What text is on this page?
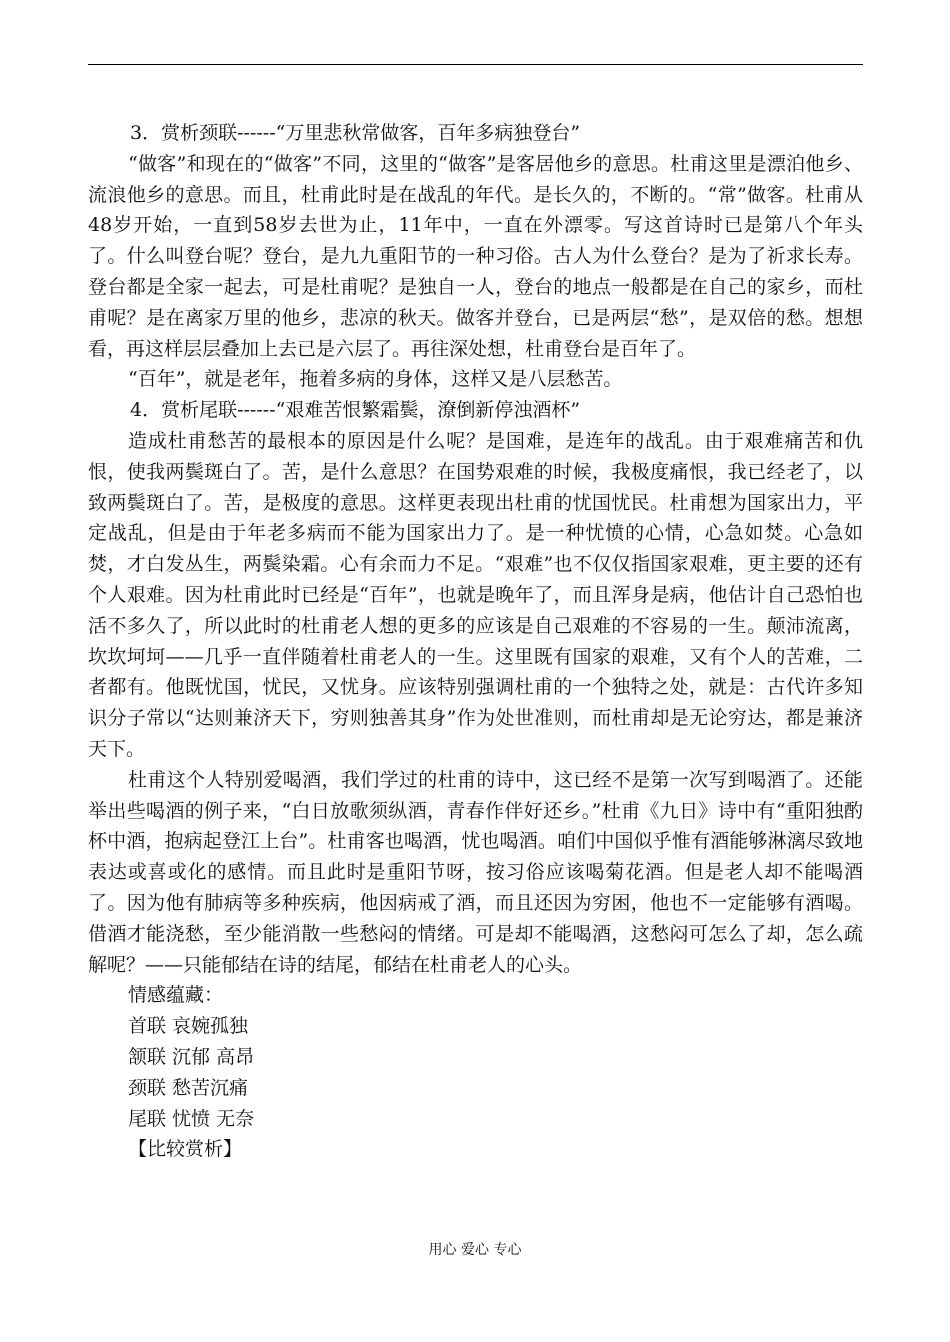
3．赏析颈联------“万里悲秋常做客，百年多病独登台”

“做客”和现在的“做客”不同，这里的“做客”是客居他乡的意思。杜甫这里是漂泊他乡、流浪他乡的意思。而且，杜甫此时是在战乱的年代。是长久的，不断的。“常”做客。杜甫从48岁开始，一直到58岁去世为止，11年中，一直在外漂零。写这首诗时已是第八个年头了。什么叫登台呢？登台，是九九重阳节的一种习俗。古人为什么登台？是为了祈求长寿。登台都是全家一起去，可是杜甫呢？是独自一人，登台的地点一般都是在自己的家乡，而杜甫呢？是在离家万里的他乡，悲凉的秋天。做客并登台，已是两层“愁”，是双倍的愁。想想看，再这样层层叠加上去已是六层了。再往深处想，杜甫登台是百年了。

“百年”，就是老年，拖着多病的身体，这样又是八层愁苦。

4．赏析尾联------“艰难苦恨繁霜鬓，潦倒新停浊酒杯”

造成杜甫愁苦的最根本的原因是什么呢？是国难，是连年的战乱。由于艰难痛苦和仇恨，使我两鬓斑白了。苦，是什么意思？在国势艰难的时候，我极度痛恨，我已经老了，以致两鬓斑白了。苦，是极度的意思。这样更表现出杜甫的忧国忧民。杜甫想为国家出力，平定战乱，但是由于年老多病而不能为国家出力了。是一种忧愤的心情，心急如焚。心急如焚，才白发丛生，两鬓染霜。心有余而力不足。“艰难”也不仅仅指国家艰难，更主要的还有个人艰难。因为杜甫此时已经是“百年”，也就是晚年了，而且浑身是病，他估计自己恐怕也活不多久了，所以此时的杜甫老人想的更多的应该是自己艰难的不容易的一生。颠沛流离，坎坎坷坷——几乎一直伴随着杜甫老人的一生。这里既有国家的艰难，又有个人的苦难，二者都有。他既忧国，忧民，又忧身。应该特别强调杜甫的一个独特之处，就是：古代许多知识分子常以“达则兼济天下，穷则独善其身”作为处世准则，而杜甫却是无论穷达，都是兼济天下。

杜甫这个人特别爱喝酒，我们学过的杜甫的诗中，这已经不是第一次写到喝酒了。还能举出些喝酒的例子来，“白日放歌须纵酒，青春作伴好还乡。”杜甫《九日》诗中有“重阳独酌杯中酒，抱病起登江上台”。杜甫客也喝酒，忧也喝酒。咱们中国似乎惟有酒能够淋漓尽致地表达或喜或化的感情。而且此时是重阳节呀，按习俗应该喝菊花酒。但是老人却不能喝酒了。因为他有肺病等多种疾病，他因病戒了酒，而且还因为穷困，他也不一定能够有酒喝。借酒才能浇愁，至少能消散一些愁闷的情绪。可是却不能喝酒，这愁闷可怎么了却，怎么疏解呢？——只能郁结在诗的结尾，郁结在杜甫老人的心头。

情感蕴藏：

首联 哀婉孤独

颔联 沉郁 高昂

颈联 愁苦沉痛

尾联 忧愤 无奈

【比较赏析】

用心 爱心 专心
